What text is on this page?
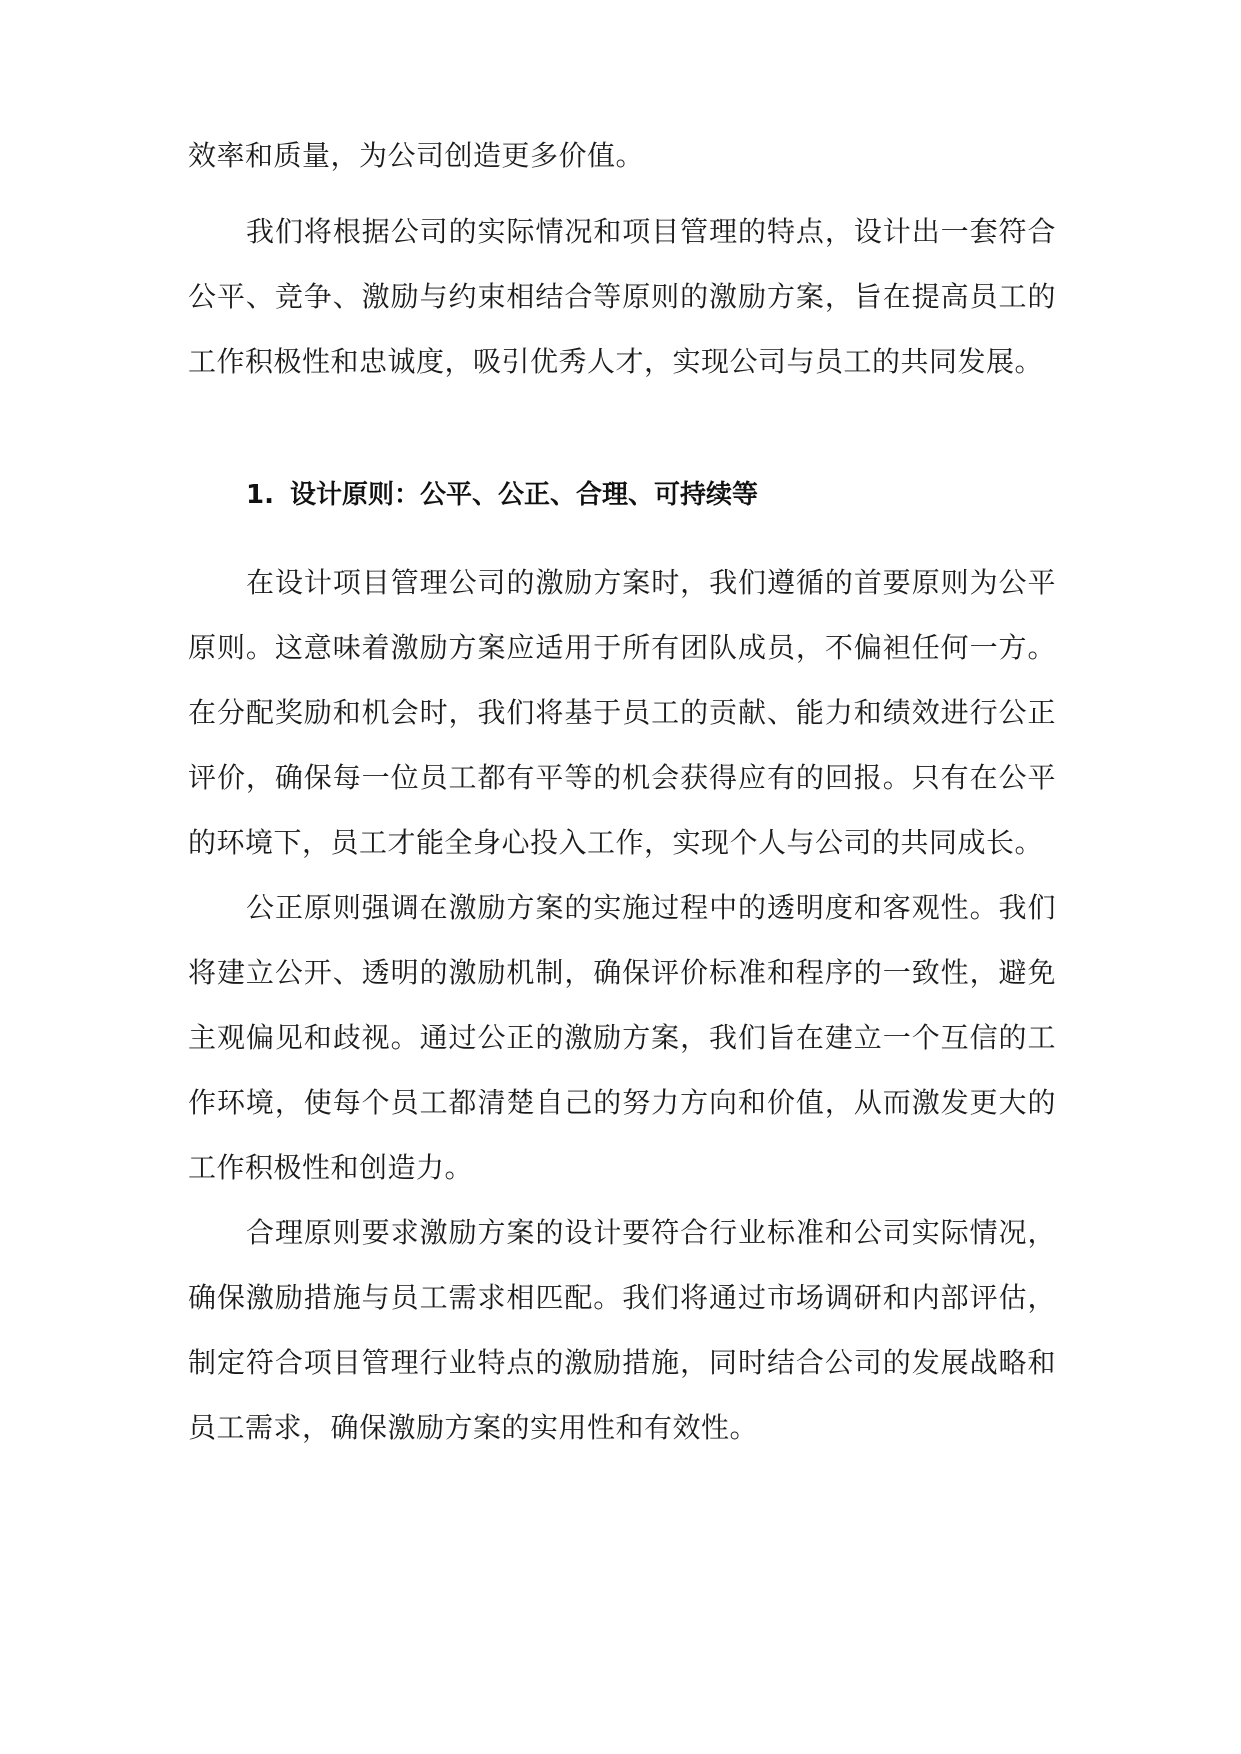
效率和质量，为公司创造更多价值。

我们将根据公司的实际情况和项目管理的特点，设计出一套符合公平、竞争、激励与约束相结合等原则的激励方案，旨在提高员工的工作积极性和忠诚度，吸引优秀人才，实现公司与员工的共同发展。

1. 设计原则：公平、公正、合理、可持续等

在设计项目管理公司的激励方案时，我们遵循的首要原则为公平原则。这意味着激励方案应适用于所有团队成员，不偏袒任何一方。在分配奖励和机会时，我们将基于员工的贡献、能力和绩效进行公正评价，确保每一位员工都有平等的机会获得应有的回报。只有在公平的环境下，员工才能全身心投入工作，实现个人与公司的共同成长。

公正原则强调在激励方案的实施过程中的透明度和客观性。我们将建立公开、透明的激励机制，确保评价标准和程序的一致性，避免主观偏见和歧视。通过公正的激励方案，我们旨在建立一个互信的工作环境，使每个员工都清楚自己的努力方向和价值，从而激发更大的工作积极性和创造力。

合理原则要求激励方案的设计要符合行业标准和公司实际情况，确保激励措施与员工需求相匹配。我们将通过市场调研和内部评估，制定符合项目管理行业特点的激励措施，同时结合公司的发展战略和员工需求，确保激励方案的实用性和有效性。
